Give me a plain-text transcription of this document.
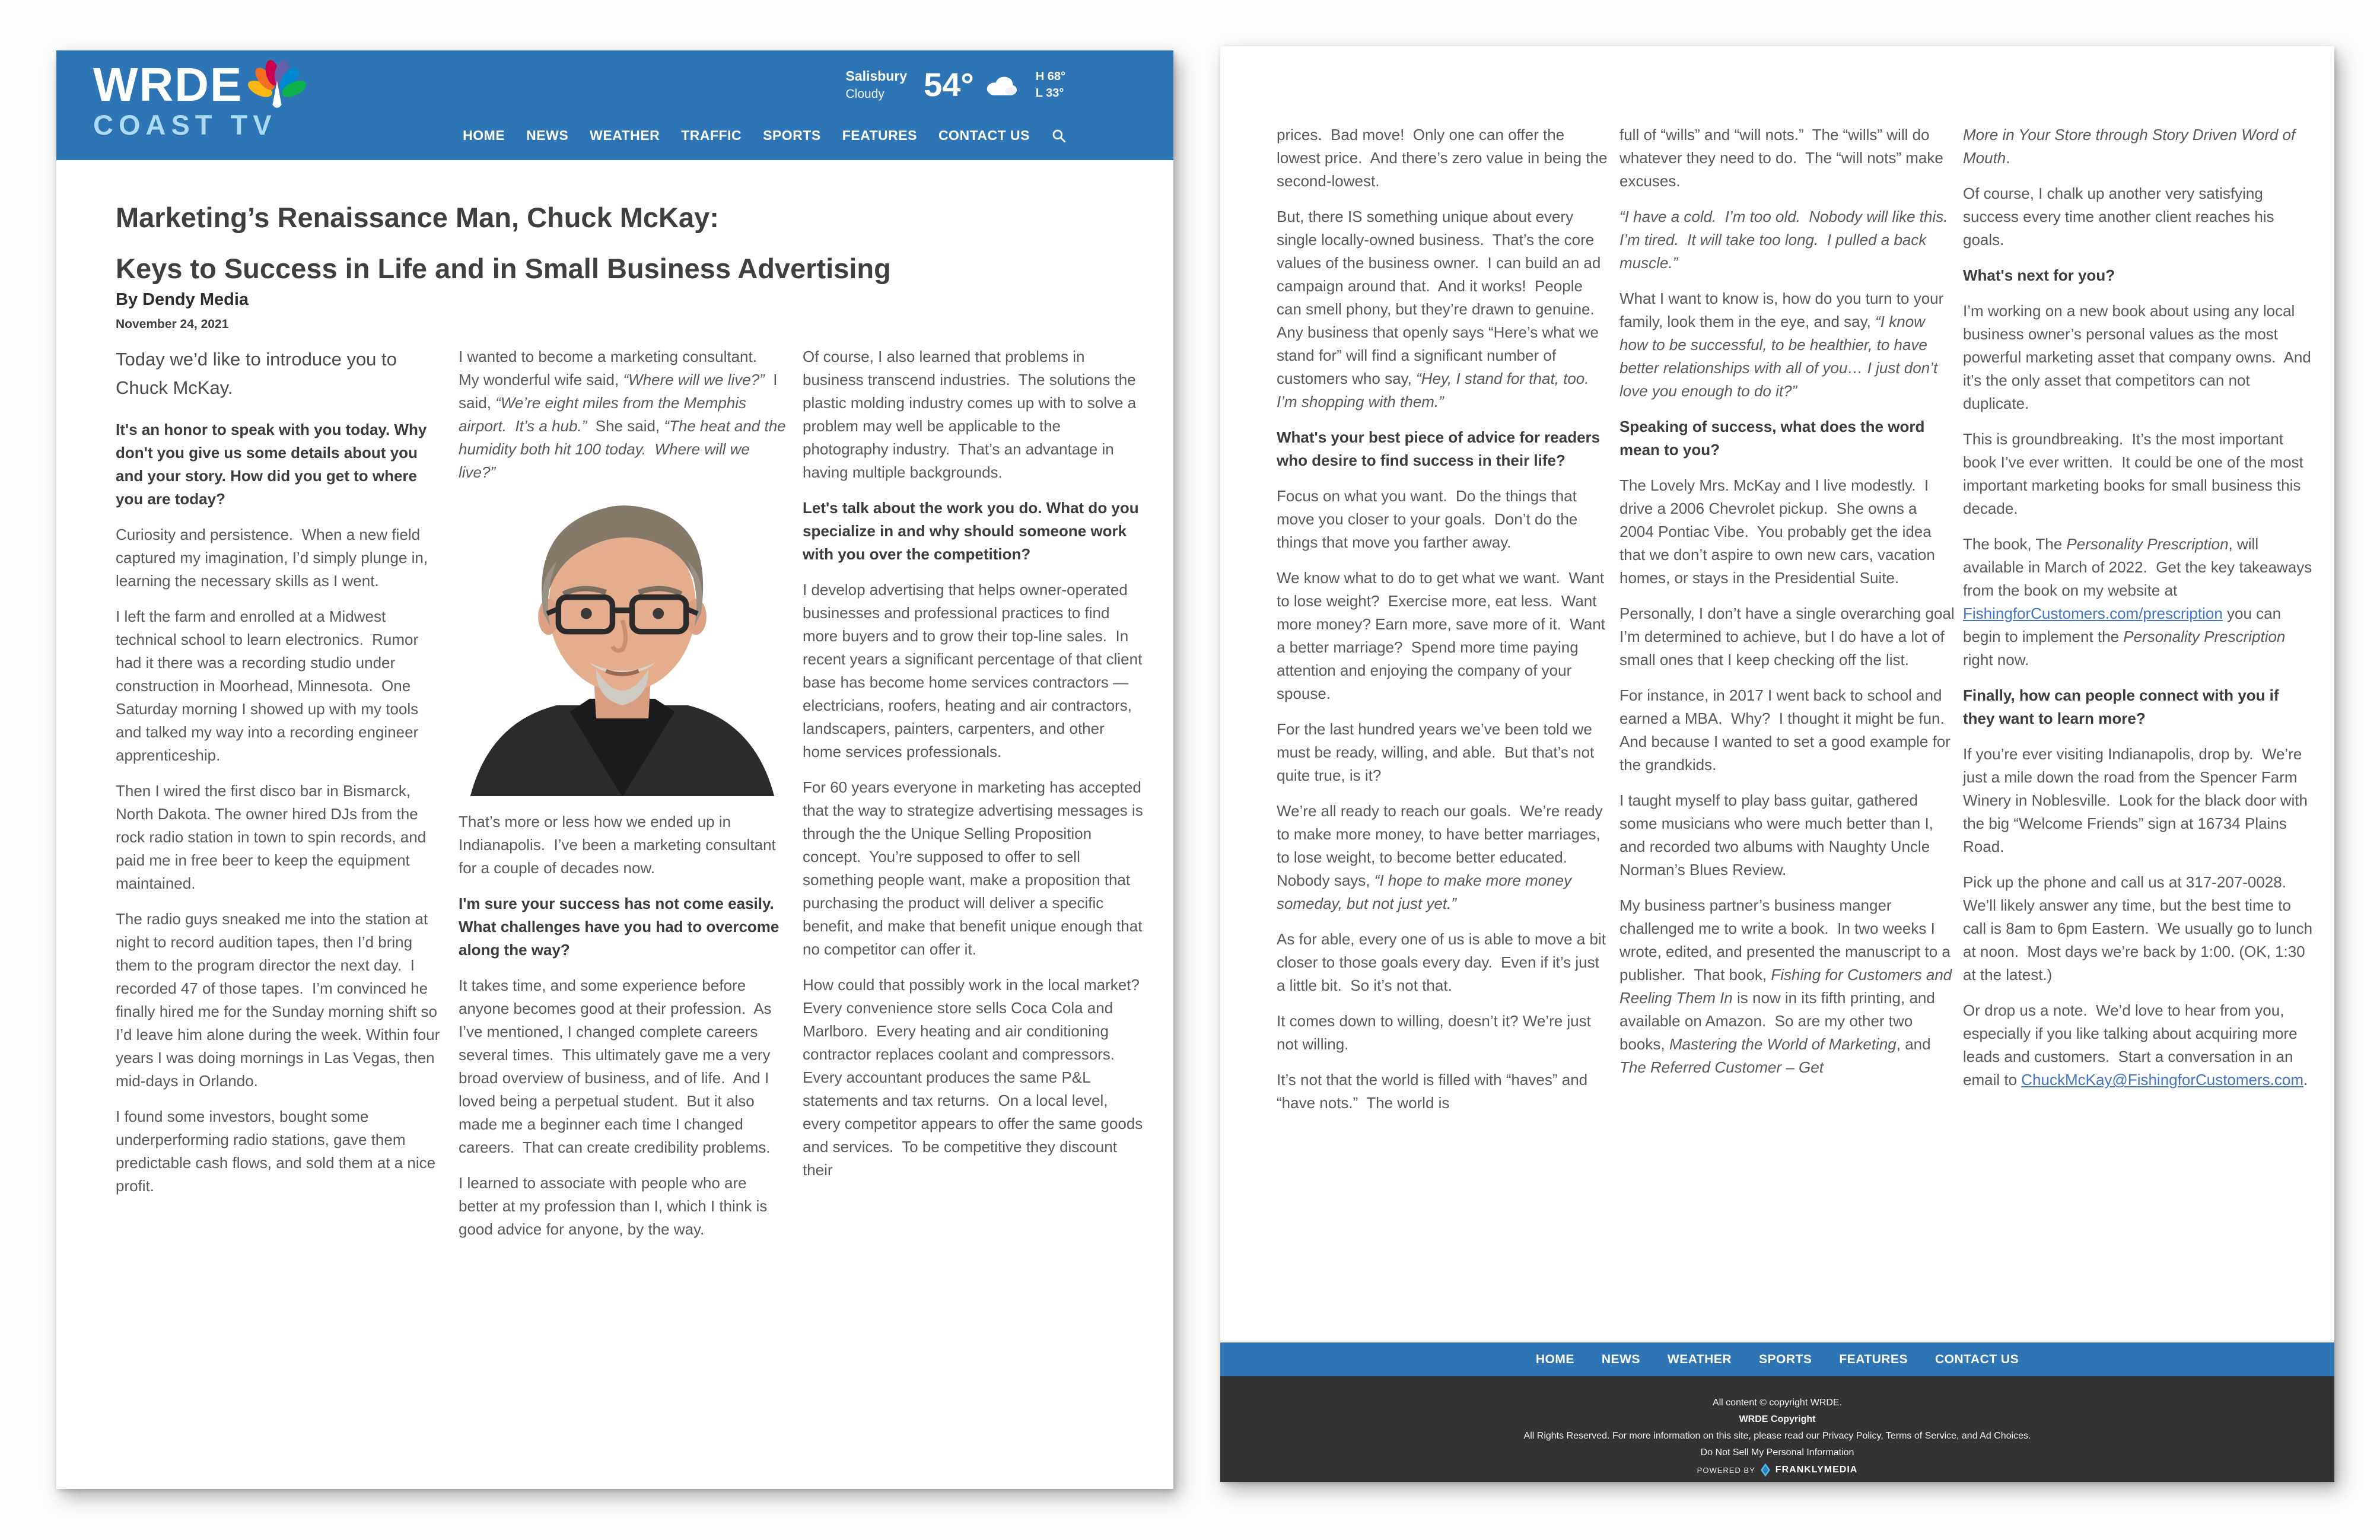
WRDE
COAST TV
Salisbury
Cloudy	54°	H 68°
L 33°
HOME NEWS WEATHER TRAFFIC SPORTS FEATURES CONTACT US
Marketing’s Renaissance Man, Chuck McKay:
Keys to Success in Life and in Small Business Advertising
By Dendy Media
November 24, 2021
Today we’d like to introduce you to Chuck McKay.
It's an honor to speak with you today. Why don't you give us some details about you and your story. How did you get to where you are today?
Curiosity and persistence.  When a new field captured my imagination, I’d simply plunge in, learning the necessary skills as I went.
I left the farm and enrolled at a Midwest technical school to learn electronics.  Rumor had it there was a recording studio under construction in Moorhead, Minnesota.  One Saturday morning I showed up with my tools and talked my way into a recording engineer apprenticeship.
Then I wired the first disco bar in Bismarck, North Dakota. The owner hired DJs from the rock radio station in town to spin records, and paid me in free beer to keep the equipment maintained.
The radio guys sneaked me into the station at night to record audition tapes, then I’d bring them to the program director the next day.  I recorded 47 of those tapes.  I’m convinced he finally hired me for the Sunday morning shift so I’d leave him alone during the week. Within four years I was doing mornings in Las Vegas, then mid-days in Orlando.
I found some investors, bought some underperforming radio stations, gave them predictable cash flows, and sold them at a nice profit.
I wanted to become a marketing consultant.  My wonderful wife said, “Where will we live?”  I said, “We’re eight miles from the Memphis airport.  It’s a hub.”  She said, “The heat and the humidity both hit 100 today.  Where will we live?”
That’s more or less how we ended up in Indianapolis.  I’ve been a marketing consultant for a couple of decades now.
I'm sure your success has not come easily. What challenges have you had to overcome along the way?
It takes time, and some experience before anyone becomes good at their profession.  As I’ve mentioned, I changed complete careers several times.  This ultimately gave me a very broad overview of business, and of life.  And I loved being a perpetual student.  But it also made me a beginner each time I changed careers.  That can create credibility problems.
I learned to associate with people who are better at my profession than I, which I think is good advice for anyone, by the way.
Of course, I also learned that problems in business transcend industries.  The solutions the plastic molding industry comes up with to solve a problem may well be applicable to the photography industry.  That’s an advantage in having multiple backgrounds.
Let's talk about the work you do. What do you specialize in and why should someone work with you over the competition?
I develop advertising that helps owner-operated businesses and professional practices to find more buyers and to grow their top-line sales.  In recent years a significant percentage of that client base has become home services contractors — electricians, roofers, heating and air contractors, landscapers, painters, carpenters, and other home services professionals.
For 60 years everyone in marketing has accepted that the way to strategize advertising messages is through the the Unique Selling Proposition concept.  You’re supposed to offer to sell something people want, make a proposition that purchasing the product will deliver a specific benefit, and make that benefit unique enough that no competitor can offer it.
How could that possibly work in the local market?  Every convenience store sells Coca Cola and Marlboro.  Every heating and air conditioning contractor replaces coolant and compressors.  Every accountant produces the same P&L statements and tax returns.  On a local level, every competitor appears to offer the same goods and services.  To be competitive they discount their
prices.  Bad move!  Only one can offer the lowest price.  And there’s zero value in being the second-lowest.
But, there IS something unique about every single locally-owned business.  That’s the core values of the business owner.  I can build an ad campaign around that.  And it works!  People can smell phony, but they’re drawn to genuine.  Any business that openly says “Here’s what we stand for” will find a significant number of customers who say, “Hey, I stand for that, too.  I’m shopping with them.”
What's your best piece of advice for readers who desire to find success in their life?
Focus on what you want.  Do the things that move you closer to your goals.  Don’t do the things that move you farther away.
We know what to do to get what we want.  Want to lose weight?  Exercise more, eat less.  Want more money? Earn more, save more of it.  Want a better marriage?  Spend more time paying attention and enjoying the company of your spouse.
For the last hundred years we’ve been told we must be ready, willing, and able.  But that’s not quite true, is it?
We’re all ready to reach our goals.  We’re ready to make more money, to have better marriages, to lose weight, to become better educated.  Nobody says, “I hope to make more money someday, but not just yet.”
As for able, every one of us is able to move a bit closer to those goals every day.  Even if it’s just a little bit.  So it’s not that.
It comes down to willing, doesn’t it? We’re just not willing.
It’s not that the world is filled with “haves” and “have nots.”  The world is
full of “wills” and “will nots.”  The “wills” will do whatever they need to do.  The “will nots” make excuses.
“I have a cold.  I’m too old.  Nobody will like this.  I’m tired.  It will take too long.  I pulled a back muscle.”
What I want to know is, how do you turn to your family, look them in the eye, and say, “I know how to be successful, to be healthier, to have better relationships with all of you… I just don’t love you enough to do it?”
Speaking of success, what does the word mean to you?
The Lovely Mrs. McKay and I live modestly.  I drive a 2006 Chevrolet pickup.  She owns a 2004 Pontiac Vibe.  You probably get the idea that we don’t aspire to own new cars, vacation homes, or stays in the Presidential Suite.
Personally, I don’t have a single overarching goal I’m determined to achieve, but I do have a lot of small ones that I keep checking off the list.
For instance, in 2017 I went back to school and earned a MBA.  Why?  I thought it might be fun.  And because I wanted to set a good example for the grandkids.
I taught myself to play bass guitar, gathered some musicians who were much better than I, and recorded two albums with Naughty Uncle Norman’s Blues Review.
My business partner’s business manger challenged me to write a book.  In two weeks I wrote, edited, and presented the manuscript to a publisher.  That book, Fishing for Customers and Reeling Them In is now in its fifth printing, and available on Amazon.  So are my other two books, Mastering the World of Marketing, and The Referred Customer – Get
More in Your Store through Story Driven Word of Mouth.
Of course, I chalk up another very satisfying success every time another client reaches his goals.
What's next for you?
I’m working on a new book about using any local business owner’s personal values as the most powerful marketing asset that company owns.  And it’s the only asset that competitors can not duplicate.
This is groundbreaking.  It’s the most important book I’ve ever written.  It could be one of the most important marketing books for small business this decade.
The book, The Personality Prescription, will available in March of 2022.  Get the key takeaways from the book on my website at FishingforCustomers.com/prescription you can begin to implement the Personality Prescription right now.
Finally, how can people connect with you if they want to learn more?
If you’re ever visiting Indianapolis, drop by.  We’re just a mile down the road from the Spencer Farm Winery in Noblesville.  Look for the black door with the big “Welcome Friends” sign at 16734 Plains Road.
Pick up the phone and call us at 317-207-0028.  We’ll likely answer any time, but the best time to call is 8am to 6pm Eastern.  We usually go to lunch at noon.  Most days we’re back by 1:00. (OK, 1:30 at the latest.)
Or drop us a note.  We’d love to hear from you, especially if you like talking about acquiring more leads and customers.  Start a conversation in an email to ChuckMcKay@FishingforCustomers.com.
HOME NEWS WEATHER SPORTS FEATURES CONTACT US
All content © copyright WRDE.
WRDE Copyright
All Rights Reserved. For more information on this site, please read our Privacy Policy, Terms of Service, and Ad Choices.
Do Not Sell My Personal Information
POWERED BY FRANKLYMEDIA
